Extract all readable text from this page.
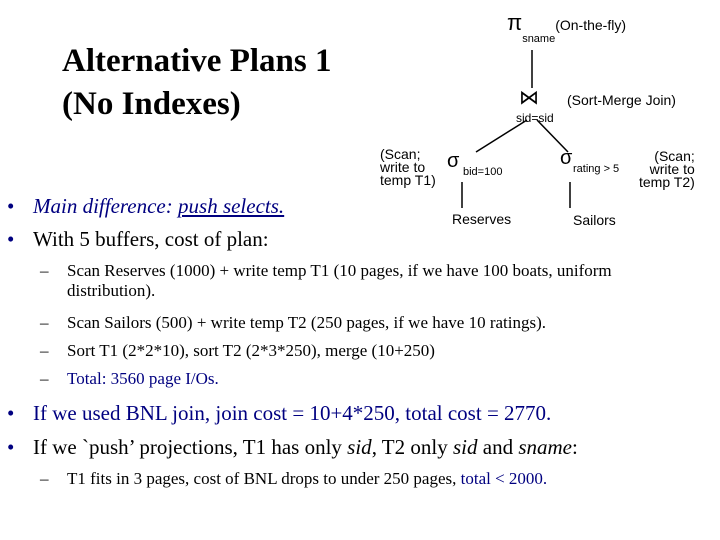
Alternative Plans 1
(No Indexes)
$\pi_{sname}(On-the-fly)$
⋈ (Sort-Merge Join)
sid=sid
(Scan;
write to
temp T1)
σ bid=100
σ rating > 5
(Scan;
write to
temp T2)
Reserves	Sailors
• Main difference: push selects.
• With 5 buffers, cost of plan:
– Scan Reserves (1000) + write temp T1 (10 pages, if we have 100 boats, uniform
distribution).
– Scan Sailors (500) + write temp T2 (250 pages, if we have 10 ratings).
– Sort T1 (2*2*10), sort T2 (2*3*250), merge (10+250)
– Total: 3560 page I/Os.
• If we used BNL join, join cost = 10+4*250, total cost = 2770.
• If we `push’ projections, T1 has only sid, T2 only sid and sname:
– T1 fits in 3 pages, cost of BNL drops to under 250 pages, total < 2000.
